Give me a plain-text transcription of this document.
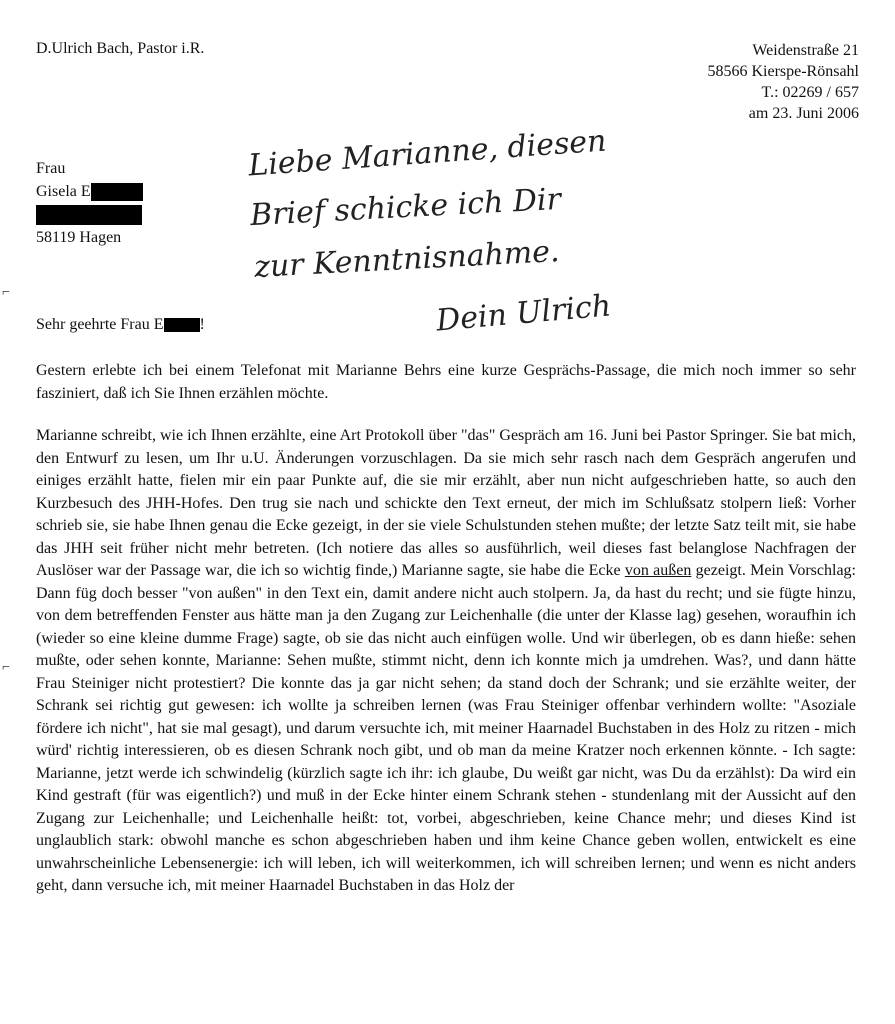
D.Ulrich Bach, Pastor i.R.	Weidenstraße 21
58566 Kierspe-Rönsahl
T.: 02269 / 657
am 23. Juni 2006
Frau
Gisela E
58119 Hagen
Liebe Marianne, diesen
Brief schicke ich Dir
zur Kenntnisnahme.
Dein Ulrich
Sehr geehrte Frau E !

Gestern erlebte ich bei einem Telefonat mit Marianne Behrs eine kurze Gesprächs-Passage, die mich noch immer so sehr fasziniert, daß ich Sie Ihnen erzählen möchte.

Marianne schreibt, wie ich Ihnen erzählte, eine Art Protokoll über "das" Gespräch am 16. Juni bei Pastor Springer. Sie bat mich, den Entwurf zu lesen, um Ihr u.U. Änderungen vorzuschlagen. Da sie mich sehr rasch nach dem Gespräch angerufen und einiges erzählt hatte, fielen mir ein paar Punkte auf, die sie mir erzählt, aber nun nicht aufgeschrieben hatte, so auch den Kurzbesuch des JHH-Hofes. Den trug sie nach und schickte den Text erneut, der mich im Schlußsatz stolpern ließ: Vorher schrieb sie, sie habe Ihnen genau die Ecke gezeigt, in der sie viele Schulstunden stehen mußte; der letzte Satz teilt mit, sie habe das JHH seit früher nicht mehr betreten. (Ich notiere das alles so ausführlich, weil dieses fast belanglose Nachfragen der Auslöser war der Passage war, die ich so wichtig finde,) Marianne sagte, sie habe die Ecke von außen gezeigt. Mein Vorschlag: Dann füg doch besser "von außen" in den Text ein, damit andere nicht auch stolpern. Ja, da hast du recht; und sie fügte hinzu, von dem betreffenden Fenster aus hätte man ja den Zugang zur Leichenhalle (die unter der Klasse lag) gesehen, woraufhin ich (wieder so eine kleine dumme Frage) sagte, ob sie das nicht auch einfügen wolle. Und wir überlegen, ob es dann hieße: sehen mußte, oder sehen konnte, Marianne: Sehen mußte, stimmt nicht, denn ich konnte mich ja umdrehen. Was?, und dann hätte Frau Steiniger nicht protestiert? Die konnte das ja gar nicht sehen; da stand doch der Schrank; und sie erzählte weiter, der Schrank sei richtig gut gewesen: ich wollte ja schreiben lernen (was Frau Steiniger offenbar verhindern wollte: "Asoziale fördere ich nicht", hat sie mal gesagt), und darum versuchte ich, mit meiner Haarnadel Buchstaben in des Holz zu ritzen - mich würd' richtig interessieren, ob es diesen Schrank noch gibt, und ob man da meine Kratzer noch erkennen könnte. - Ich sagte: Marianne, jetzt werde ich schwindelig (kürzlich sagte ich ihr: ich glaube, Du weißt gar nicht, was Du da erzählst): Da wird ein Kind gestraft (für was eigentlich?) und muß in der Ecke hinter einem Schrank stehen - stundenlang mit der Aussicht auf den Zugang zur Leichenhalle; und Leichenhalle heißt: tot, vorbei, abgeschrieben, keine Chance mehr; und dieses Kind ist unglaublich stark: obwohl manche es schon abgeschrieben haben und ihm keine Chance geben wollen, entwickelt es eine unwahrscheinliche Lebensenergie: ich will leben, ich will weiterkommen, ich will schreiben lernen; und wenn es nicht anders geht, dann versuche ich, mit meiner Haarnadel Buchstaben in das Holz der

⌐
⌐
